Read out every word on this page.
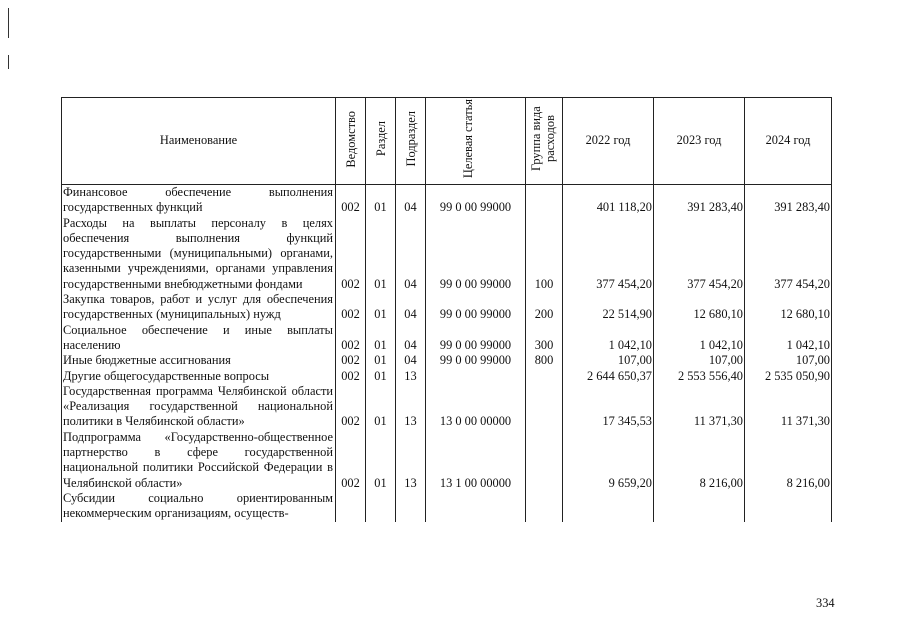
Наименование	Ведомство	Раздел	Подраздел	Целевая статья	Группа вида расходов	2022 год	2023 год	2024 год
Финансовое обеспечение выполнения государственных функций	002	01	04	99 0 00 99000		401 118,20	391 283,40	391 283,40
Расходы на выплаты персоналу в целях обеспечения выполнения функций государственными (муниципальными) органами, казенными учреждениями, органами управления государственными внебюджетными фондами	002	01	04	99 0 00 99000	100	377 454,20	377 454,20	377 454,20
Закупка товаров, работ и услуг для обеспечения государственных (муниципальных) нужд	002	01	04	99 0 00 99000	200	22 514,90	12 680,10	12 680,10
Социальное обеспечение и иные выплаты населению	002	01	04	99 0 00 99000	300	1 042,10	1 042,10	1 042,10
Иные бюджетные ассигнования	002	01	04	99 0 00 99000	800	107,00	107,00	107,00
Другие общегосударственные вопросы	002	01	13			2 644 650,37	2 553 556,40	2 535 050,90
Государственная программа Челябинской области «Реализация государственной национальной политики в Челябинской области»	002	01	13	13 0 00 00000		17 345,53	11 371,30	11 371,30
Подпрограмма «Государственно-общественное партнерство в сфере государственной национальной политики Российской Федерации в Челябинской области»	002	01	13	13 1 00 00000		9 659,20	8 216,00	8 216,00
Субсидии социально ориентированным некоммерческим организациям, осуществ-								
334
